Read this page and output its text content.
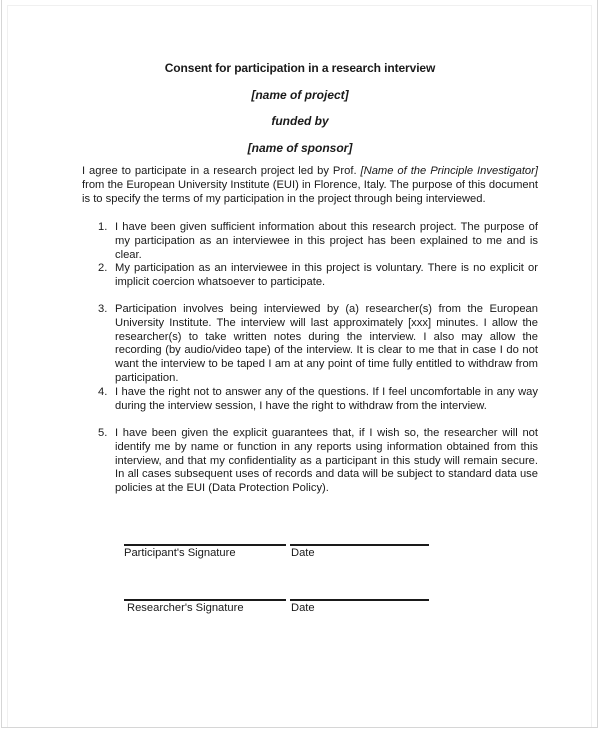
Consent for participation in a research interview
[name of project]
funded by
[name of sponsor]
I agree to participate in a research project led by Prof. [Name of the Principle Investigator] from the European University Institute (EUI) in Florence, Italy. The purpose of this document is to specify the terms of my participation in the project through being interviewed.
1. I have been given sufficient information about this research project. The purpose of my participation as an interviewee in this project has been explained to me and is clear.
2. My participation as an interviewee in this project is voluntary. There is no explicit or implicit coercion whatsoever to participate.
3. Participation involves being interviewed by (a) researcher(s) from the European University Institute. The interview will last approximately [xxx] minutes. I allow the researcher(s) to take written notes during the interview. I also may allow the recording (by audio/video tape) of the interview. It is clear to me that in case I do not want the interview to be taped I am at any point of time fully entitled to withdraw from participation.
4. I have the right not to answer any of the questions. If I feel uncomfortable in any way during the interview session, I have the right to withdraw from the interview.
5. I have been given the explicit guarantees that, if I wish so, the researcher will not identify me by name or function in any reports using information obtained from this interview, and that my confidentiality as a participant in this study will remain secure. In all cases subsequent uses of records and data will be subject to standard data use policies at the EUI (Data Protection Policy).
Participant's Signature	Date
Researcher's Signature	Date
